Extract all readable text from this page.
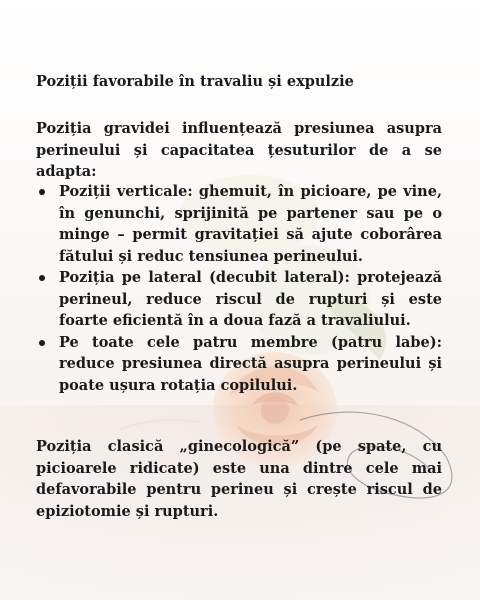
Poziții favorabile în travaliu și expulzie

Poziția gravidei influențează presiunea asupra perineului și capacitatea țesuturilor de a se adapta:

Poziții verticale: ghemuit, în picioare, pe vine, în genunchi, sprijinită pe partener sau pe o minge – permit gravitației să ajute coborârea fătului și reduc tensiunea perineului.
Poziția pe lateral (decubit lateral): protejează perineul, reduce riscul de rupturi și este foarte eficientă în a doua fază a travaliului.
Pe toate cele patru membre (patru labe): reduce presiunea directă asupra perineului și poate ușura rotația copilului.

Poziția clasică „ginecologică” (pe spate, cu picioarele ridicate) este una dintre cele mai defavorabile pentru perineu și crește riscul de epiziotomie și rupturi.
